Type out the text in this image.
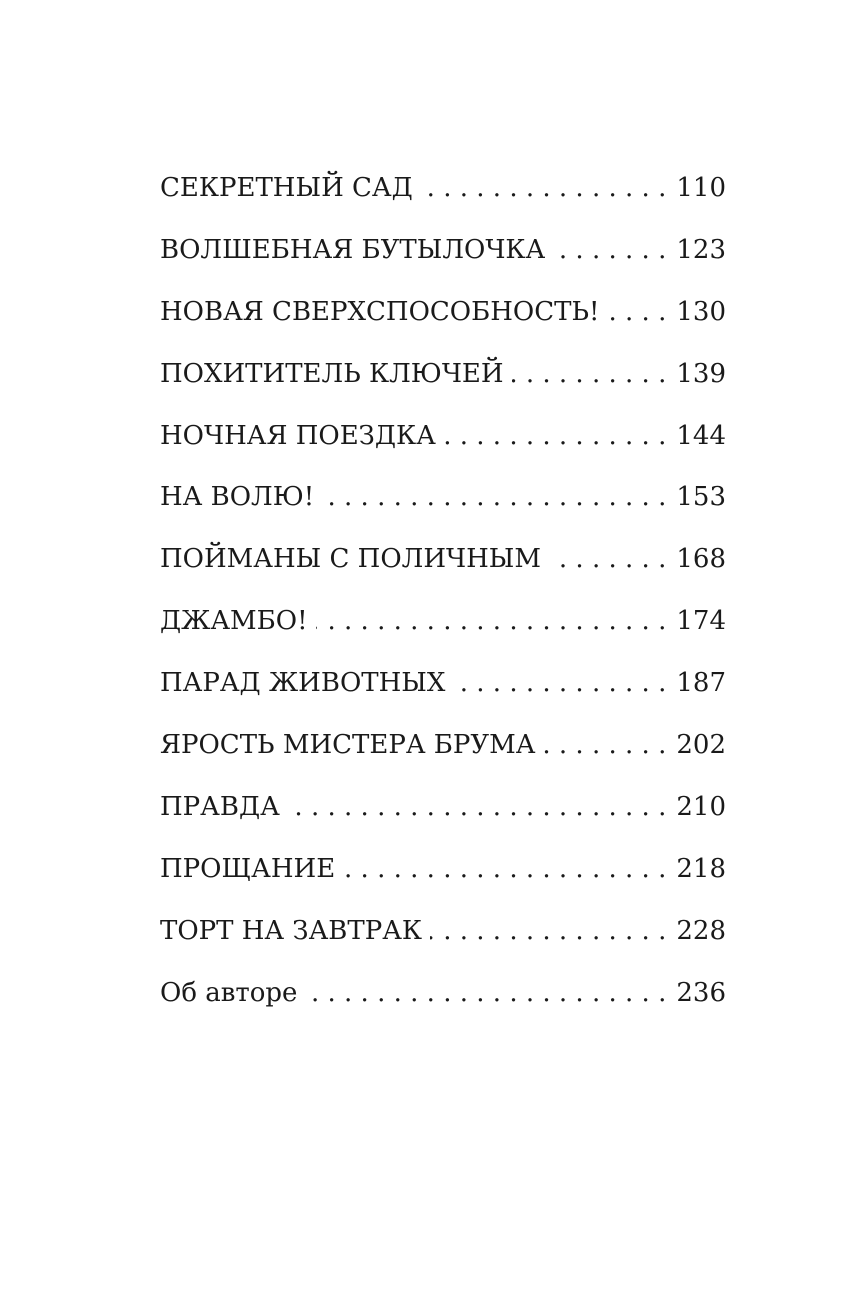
СЕКРЕТНЫЙ САД . . .	110
ВОЛШЕБНАЯ БУТЫЛОЧКА . . .	123
НОВАЯ СВЕРХСПОСОБНОСТЬ! . . .	130
ПОХИТИТЕЛЬ КЛЮЧЕЙ . . .	139
НОЧНАЯ ПОЕЗДКА . . .	144
НА ВОЛЮ! . . .	153
ПОЙМАНЫ С ПОЛИЧНЫМ . . .	168
ДЖАМБО! . . .	174
ПАРАД ЖИВОТНЫХ . . .	187
ЯРОСТЬ МИСТЕРА БРУМА . . .	202
ПРАВДА . . .	210
ПРОЩАНИЕ . . .	218
ТОРТ НА ЗАВТРАК . . .	228
Об авторе . . .	236
